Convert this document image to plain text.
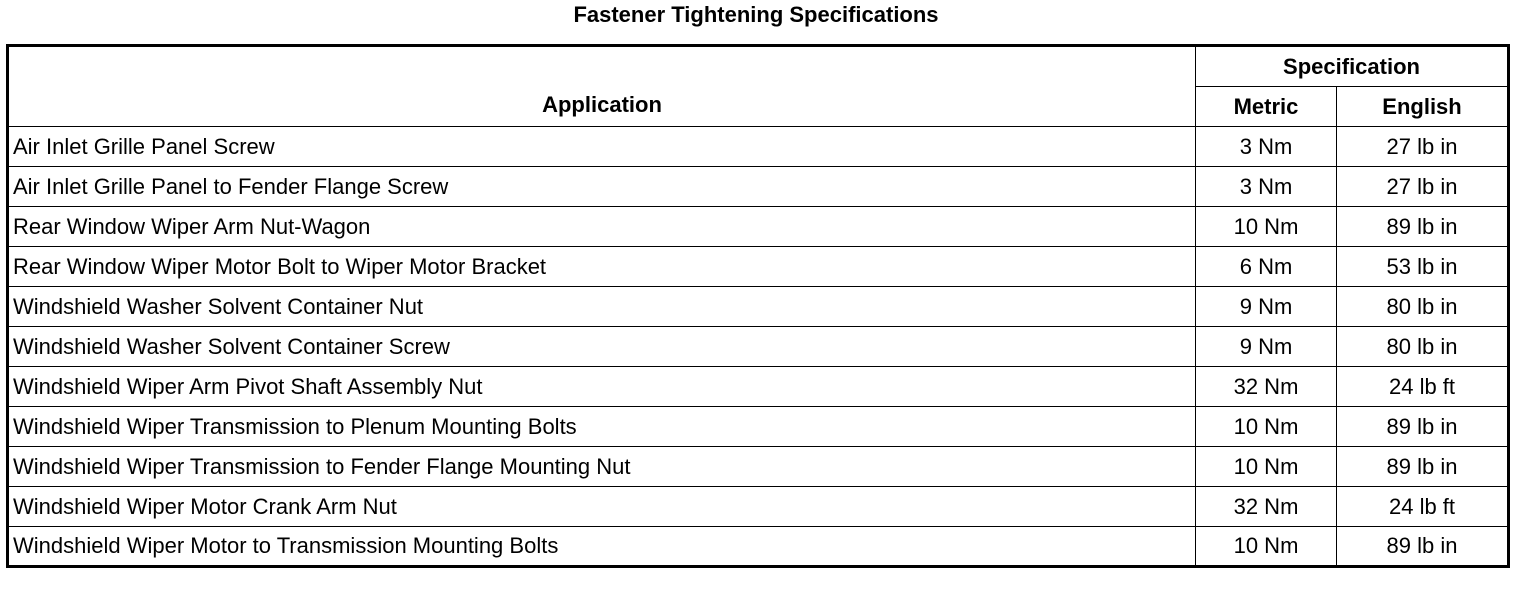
Fastener Tightening Specifications
Application	Specification	
	Metric	English
Air Inlet Grille Panel Screw	3 Nm	27 lb in
Air Inlet Grille Panel to Fender Flange Screw	3 Nm	27 lb in
Rear Window Wiper Arm Nut-Wagon	10 Nm	89 lb in
Rear Window Wiper Motor Bolt to Wiper Motor Bracket	6 Nm	53 lb in
Windshield Washer Solvent Container Nut	9 Nm	80 lb in
Windshield Washer Solvent Container Screw	9 Nm	80 lb in
Windshield Wiper Arm Pivot Shaft Assembly Nut	32 Nm	24 lb ft
Windshield Wiper Transmission to Plenum Mounting Bolts	10 Nm	89 lb in
Windshield Wiper Transmission to Fender Flange Mounting Nut	10 Nm	89 lb in
Windshield Wiper Motor Crank Arm Nut	32 Nm	24 lb ft
Windshield Wiper Motor to Transmission Mounting Bolts	10 Nm	89 lb in
